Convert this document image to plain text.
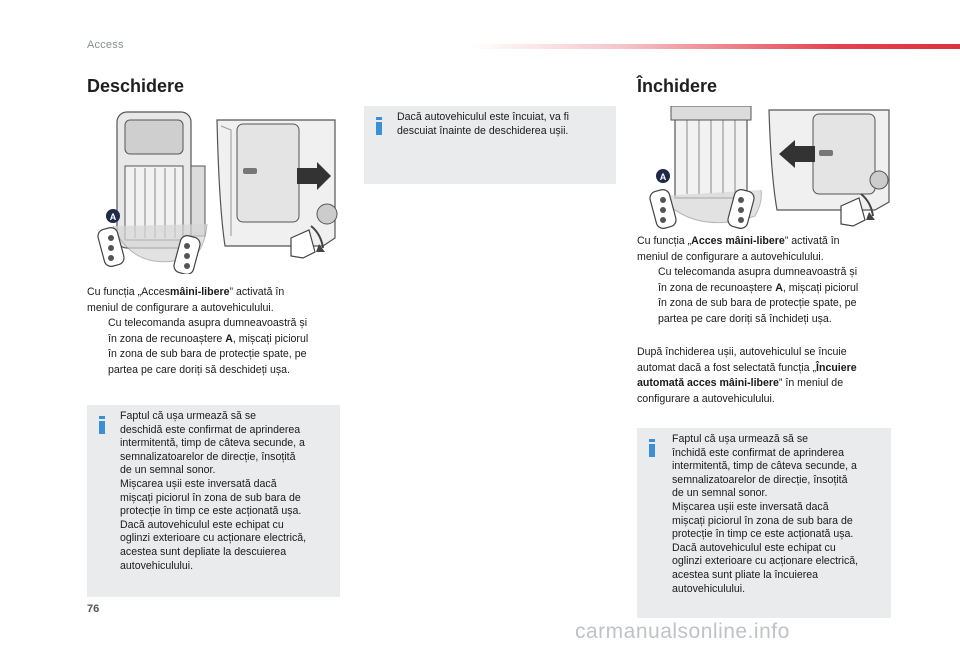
Access
Deschidere
A
Cu funcția „Accesmâini-libere” activată în
meniul de configurare a autovehiculului.
Cu telecomanda asupra dumneavoastră și
în zona de recunoaștere A, mișcați piciorul
în zona de sub bara de protecție spate, pe
partea pe care doriți să deschideți ușa.
Faptul că ușa urmează să se
deschidă este confirmat de aprinderea
intermitentă, timp de câteva secunde, a
semnalizatoarelor de direcție, însoțită
de un semnal sonor.
Mișcarea ușii este inversată dacă
mișcați piciorul în zona de sub bara de
protecție în timp ce este acționată ușa.
Dacă autovehiculul este echipat cu
oglinzi exterioare cu acționare electrică,
acestea sunt depliate la descuierea
autovehiculului.
Dacă autovehiculul este încuiat, va fi
descuiat înainte de deschiderea ușii.
Închidere
A
Cu funcția „Acces mâini-libere” activată în
meniul de configurare a autovehiculului.
Cu telecomanda asupra dumneavoastră și
în zona de recunoaștere A, mișcați piciorul
în zona de sub bara de protecție spate, pe
partea pe care doriți să închideți ușa.
După închiderea ușii, autovehiculul se încuie
automat dacă a fost selectată funcția „Încuiere
automată acces mâini-libere” în meniul de
configurare a autovehiculului.
Faptul că ușa urmează să se
închidă este confirmat de aprinderea
intermitentă, timp de câteva secunde, a
semnalizatoarelor de direcție, însoțită
de un semnal sonor.
Mișcarea ușii este inversată dacă
mișcați piciorul în zona de sub bara de
protecție în timp ce este acționată ușa.
Dacă autovehiculul este echipat cu
oglinzi exterioare cu acționare electrică,
acestea sunt pliate la încuierea
autovehiculului.
76
carmanualsonline.info
